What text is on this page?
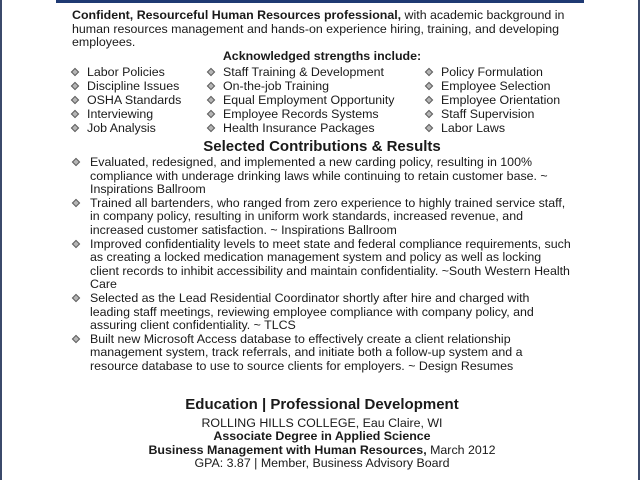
Confident, Resourceful Human Resources professional, with academic background in human resources management and hands-on experience hiring, training, and developing employees.

Acknowledged strengths include:

Labor Policies
Discipline Issues
OSHA Standards
Interviewing
Job Analysis
Staff Training & Development
On-the-job Training
Equal Employment Opportunity
Employee Records Systems
Health Insurance Packages
Policy Formulation
Employee Selection
Employee Orientation
Staff Supervision
Labor Laws

Selected Contributions & Results

Evaluated, redesigned, and implemented a new carding policy, resulting in 100% compliance with underage drinking laws while continuing to retain customer base. ~ Inspirations Ballroom
Trained all bartenders, who ranged from zero experience to highly trained service staff, in company policy, resulting in uniform work standards, increased revenue, and increased customer satisfaction. ~ Inspirations Ballroom
Improved confidentiality levels to meet state and federal compliance requirements, such as creating a locked medication management system and policy as well as locking client records to inhibit accessibility and maintain confidentiality. ~South Western Health Care
Selected as the Lead Residential Coordinator shortly after hire and charged with leading staff meetings, reviewing employee compliance with company policy, and assuring client confidentiality. ~ TLCS
Built new Microsoft Access database to effectively create a client relationship management system, track referrals, and initiate both a follow-up system and a resource database to use to source clients for employers. ~ Design Resumes

Education | Professional Development

ROLLING HILLS COLLEGE, Eau Claire, WI
Associate Degree in Applied Science
Business Management with Human Resources, March 2012
GPA: 3.87 | Member, Business Advisory Board
